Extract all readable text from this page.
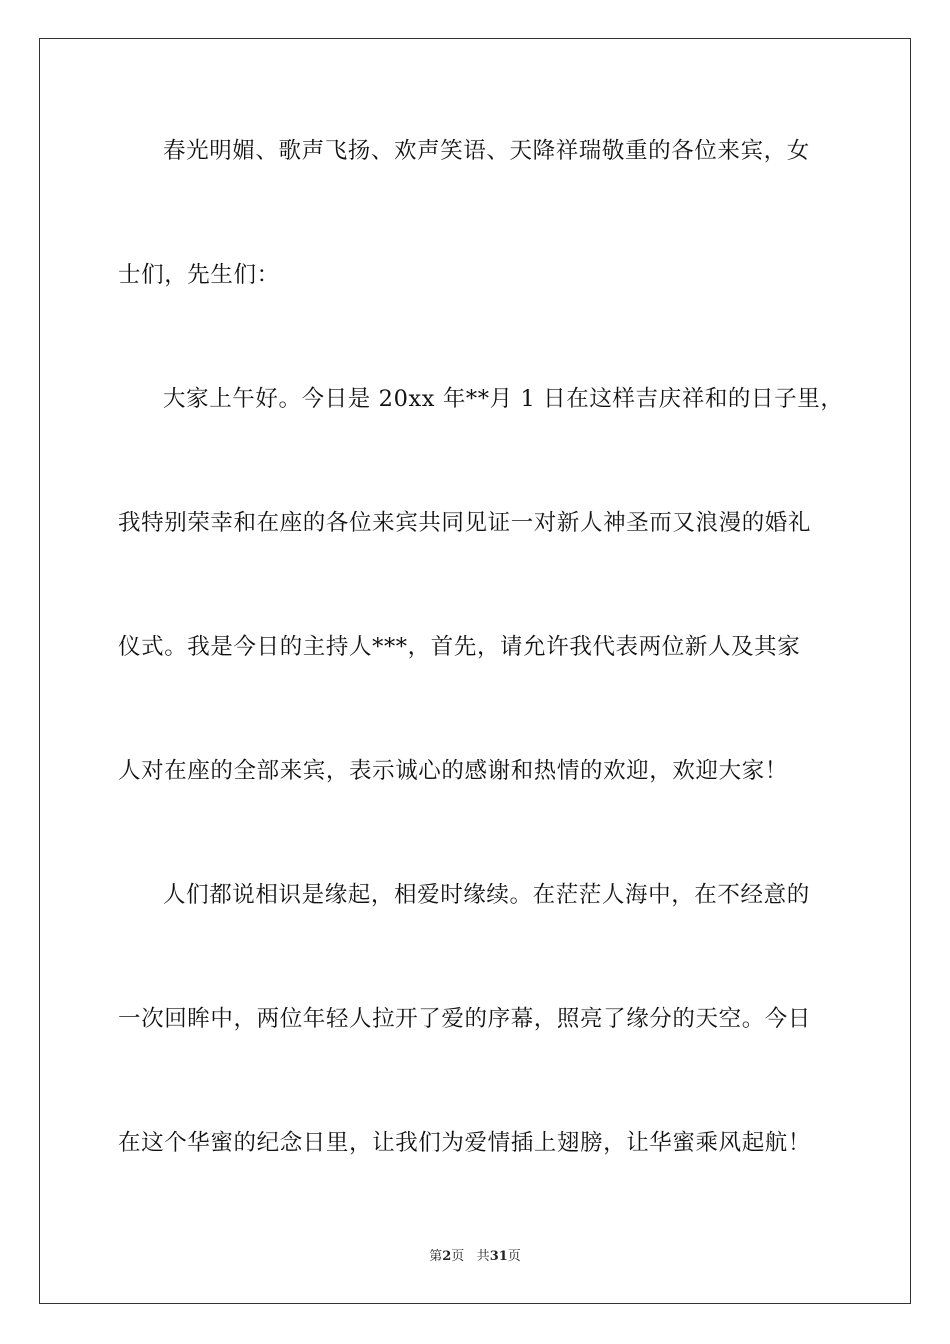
春光明媚、歌声飞扬、欢声笑语、天降祥瑞敬重的各位来宾，女
士们，先生们：
大家上午好。今日是 20xx 年**月 1 日在这样吉庆祥和的日子里，
我特别荣幸和在座的各位来宾共同见证一对新人神圣而又浪漫的婚礼
仪式。我是今日的主持人***，首先，请允许我代表两位新人及其家
人对在座的全部来宾，表示诚心的感谢和热情的欢迎，欢迎大家！
人们都说相识是缘起，相爱时缘续。在茫茫人海中，在不经意的
一次回眸中，两位年轻人拉开了爱的序幕，照亮了缘分的天空。今日
在这个华蜜的纪念日里，让我们为爱情插上翅膀，让华蜜乘风起航！
第2页 共31页
